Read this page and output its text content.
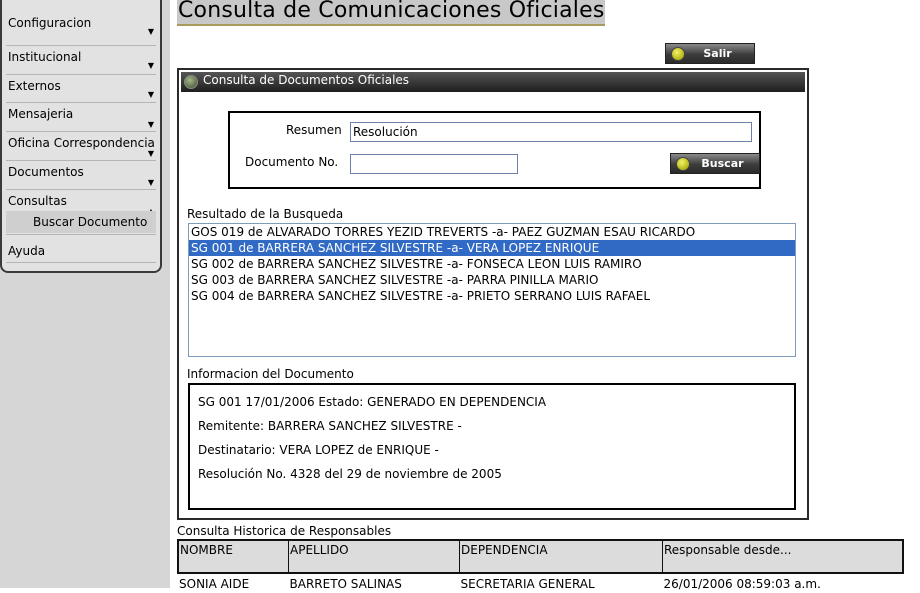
Configuracion
▼
Institucional
▼
Externos
▼
Mensajeria
▼
Oficina Correspondencia
▼
Documentos
▼
Consultas
Buscar Documento
Ayuda
Consulta de Comunicaciones Oficiales
Salir
Consulta de Documentos Oficiales
Resumen
Resolución
Documento No.	Buscar
Resultado de la Busqueda
GOS 019 de ALVARADO TORRES YEZID TREVERTS -a- PAEZ GUZMAN ESAU RICARDO
SG 001 de BARRERA SANCHEZ SILVESTRE -a- VERA LOPEZ ENRIQUE
SG 002 de BARRERA SANCHEZ SILVESTRE -a- FONSECA LEON LUIS RAMIRO
SG 003 de BARRERA SANCHEZ SILVESTRE -a- PARRA PINILLA MARIO
SG 004 de BARRERA SANCHEZ SILVESTRE -a- PRIETO SERRANO LUIS RAFAEL
Informacion del Documento
SG 001 17/01/2006 Estado: GENERADO EN DEPENDENCIA
Remitente: BARRERA SANCHEZ SILVESTRE -
Destinatario: VERA LOPEZ de ENRIQUE -
Resolución No. 4328 del 29 de noviembre de 2005
Consulta Historica de Responsables
NOMBRE	APELLIDO	DEPENDENCIA	Responsable desde...
SONIA AIDE	BARRETO SALINAS	SECRETARIA GENERAL	26/01/2006 08:59:03 a.m.
